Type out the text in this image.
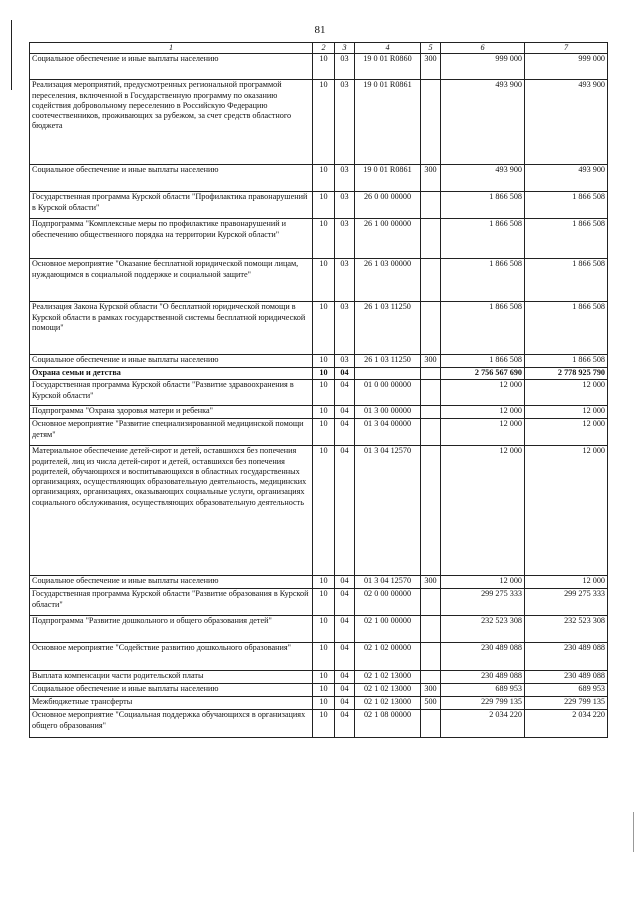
81
1	2	3	4	5	6	7
Социальное обеспечение и иные выплаты населению	10	03	19 0 01 R0860	300	999 000	999 000
Реализация мероприятий, предусмотренных региональной программой переселения, включенной в Государственную программу по оказанию содействия добровольному переселению в Российскую Федерацию соотечественников, проживающих за рубежом, за счет средств областного бюджета	10	03	19 0 01 R0861		493 900	493 900
Социальное обеспечение и иные выплаты населению	10	03	19 0 01 R0861	300	493 900	493 900
Государственная программа Курской области "Профилактика правонарушений в Курской области"	10	03	26 0 00 00000		1 866 508	1 866 508
Подпрограмма "Комплексные меры по профилактике правонарушений и обеспечению общественного порядка на территории Курской области"	10	03	26 1 00 00000		1 866 508	1 866 508
Основное мероприятие "Оказание бесплатной юридической помощи лицам, нуждающимся в социальной поддержке и социальной защите"	10	03	26 1 03 00000		1 866 508	1 866 508
Реализация Закона Курской области "О бесплатной юридической помощи в Курской области в рамках государственной системы бесплатной юридической помощи"	10	03	26 1 03 11250		1 866 508	1 866 508
Социальное обеспечение и иные выплаты населению	10	03	26 1 03 11250	300	1 866 508	1 866 508
Охрана семьи и детства	10	04			2 756 567 690	2 778 925 790
Государственная программа Курской области "Развитие здравоохранения в Курской области"	10	04	01 0 00 00000		12 000	12 000
Подпрограмма "Охрана здоровья матери и ребенка"	10	04	01 3 00 00000		12 000	12 000
Основное мероприятие "Развитие специализированной медицинской помощи детям"	10	04	01 3 04 00000		12 000	12 000
Материальное обеспечение детей-сирот и детей, оставшихся без попечения родителей, лиц из числа детей-сирот и детей, оставшихся без попечения родителей, обучающихся и воспитывающихся в областных государственных организациях, осуществляющих образовательную деятельность, медицинских организациях, организациях, оказывающих социальные услуги, организациях социального обслуживания, осуществляющих образовательную деятельность	10	04	01 3 04 12570		12 000	12 000
Социальное обеспечение и иные выплаты населению	10	04	01 3 04 12570	300	12 000	12 000
Государственная программа Курской области "Развитие образования в Курской области"	10	04	02 0 00 00000		299 275 333	299 275 333
Подпрограмма "Развитие дошкольного и общего образования детей"	10	04	02 1 00 00000		232 523 308	232 523 308
Основное мероприятие "Содействие развитию дошкольного образования"	10	04	02 1 02 00000		230 489 088	230 489 088
Выплата компенсации части родительской платы	10	04	02 1 02 13000		230 489 088	230 489 088
Социальное обеспечение и иные выплаты населению	10	04	02 1 02 13000	300	689 953	689 953
Межбюджетные трансферты	10	04	02 1 02 13000	500	229 799 135	229 799 135
Основное мероприятие "Социальная поддержка обучающихся в организациях общего образования"	10	04	02 1 08 00000		2 034 220	2 034 220
